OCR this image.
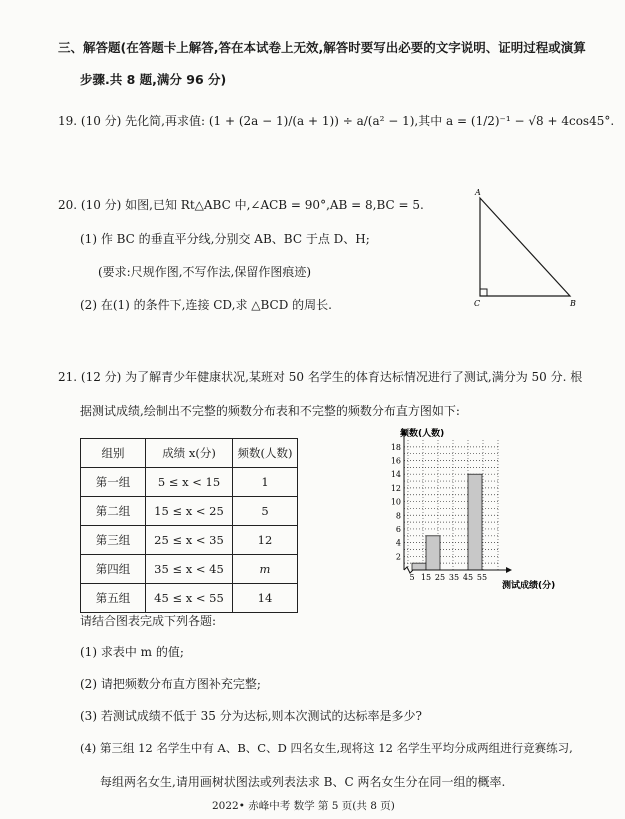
三、解答题(在答题卡上解答,答在本试卷上无效,解答时要写出必要的文字说明、证明过程或演算
步骤.共 8 题,满分 96 分)
19. (10 分) 先化简,再求值: (1 + (2a − 1)/(a + 1)) ÷ a/(a² − 1),其中 a = (1/2)⁻¹ − √8 + 4cos45°.
20. (10 分) 如图,已知 Rt△ABC 中,∠ACB = 90°,AB = 8,BC = 5.
(1) 作 BC 的垂直平分线,分别交 AB、BC 于点 D、H;
(要求:尺规作图,不写作法,保留作图痕迹)
(2) 在(1) 的条件下,连接 CD,求 △BCD 的周长.
A
C	B
21. (12 分) 为了解青少年健康状况,某班对 50 名学生的体育达标情况进行了测试,满分为 50 分. 根
据测试成绩,绘制出不完整的频数分布表和不完整的频数分布直方图如下:
组别	成绩 x(分)	频数(人数)
第一组	5 ≤ x < 15	1
第二组	15 ≤ x < 25	5
第三组	25 ≤ x < 35	12
第四组	35 ≤ x < 45	m
第五组	45 ≤ x < 55	14
2
4
6
8
10
12
14
16
18
5 15 25 35 45 55
频数(人数)
测试成绩(分)
请结合图表完成下列各题:
(1) 求表中 m 的值;
(2) 请把频数分布直方图补充完整;
(3) 若测试成绩不低于 35 分为达标,则本次测试的达标率是多少?
(4) 第三组 12 名学生中有 A、B、C、D 四名女生,现将这 12 名学生平均分成两组进行竞赛练习,
每组两名女生,请用画树状图法或列表法求 B、C 两名女生分在同一组的概率.
2022• 赤峰中考 数学 第 5 页(共 8 页)
